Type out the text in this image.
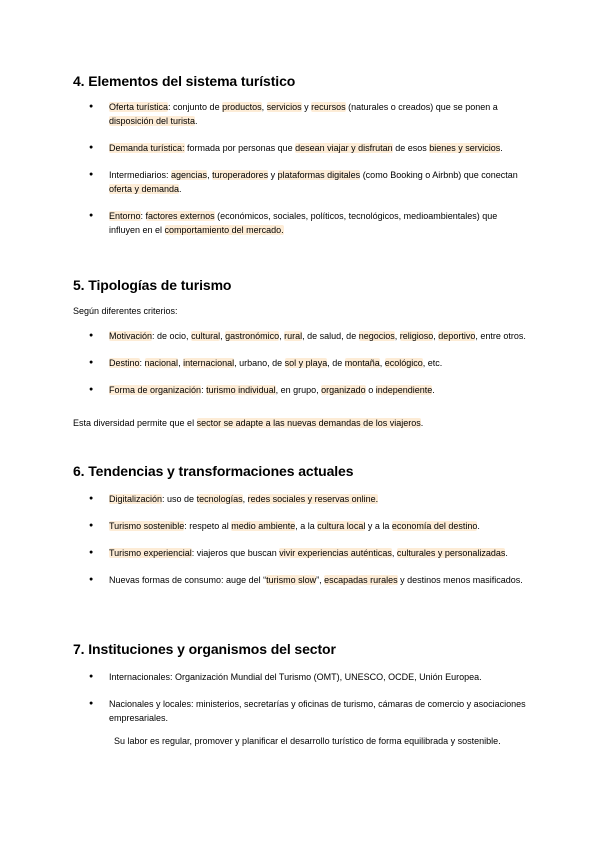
4. Elementos del sistema turístico
● Oferta turística: conjunto de productos, servicios y recursos (naturales o creados) que se ponen a disposición del turista.
● Demanda turística: formada por personas que desean viajar y disfrutan de esos bienes y servicios.
● Intermediarios: agencias, turoperadores y plataformas digitales (como Booking o Airbnb) que conectan oferta y demanda.
● Entorno: factores externos (económicos, sociales, políticos, tecnológicos, medioambientales) que influyen en el comportamiento del mercado.
5. Tipologías de turismo

Según diferentes criterios:

● Motivación: de ocio, cultural, gastronómico, rural, de salud, de negocios, religioso, deportivo, entre otros.
● Destino: nacional, internacional, urbano, de sol y playa, de montaña, ecológico, etc.
● Forma de organización: turismo individual, en grupo, organizado o independiente.

Esta diversidad permite que el sector se adapte a las nuevas demandas de los viajeros.

6. Tendencias y transformaciones actuales
● Digitalización: uso de tecnologías, redes sociales y reservas online.
● Turismo sostenible: respeto al medio ambiente, a la cultura local y a la economía del destino.
● Turismo experiencial: viajeros que buscan vivir experiencias auténticas, culturales y personalizadas.
● Nuevas formas de consumo: auge del “turismo slow”, escapadas rurales y destinos menos masificados.
7. Instituciones y organismos del sector
● Internacionales: Organización Mundial del Turismo (OMT), UNESCO, OCDE, Unión Europea.
● Nacionales y locales: ministerios, secretarías y oficinas de turismo, cámaras de comercio y asociaciones empresariales.

Su labor es regular, promover y planificar el desarrollo turístico de forma equilibrada y sostenible.
